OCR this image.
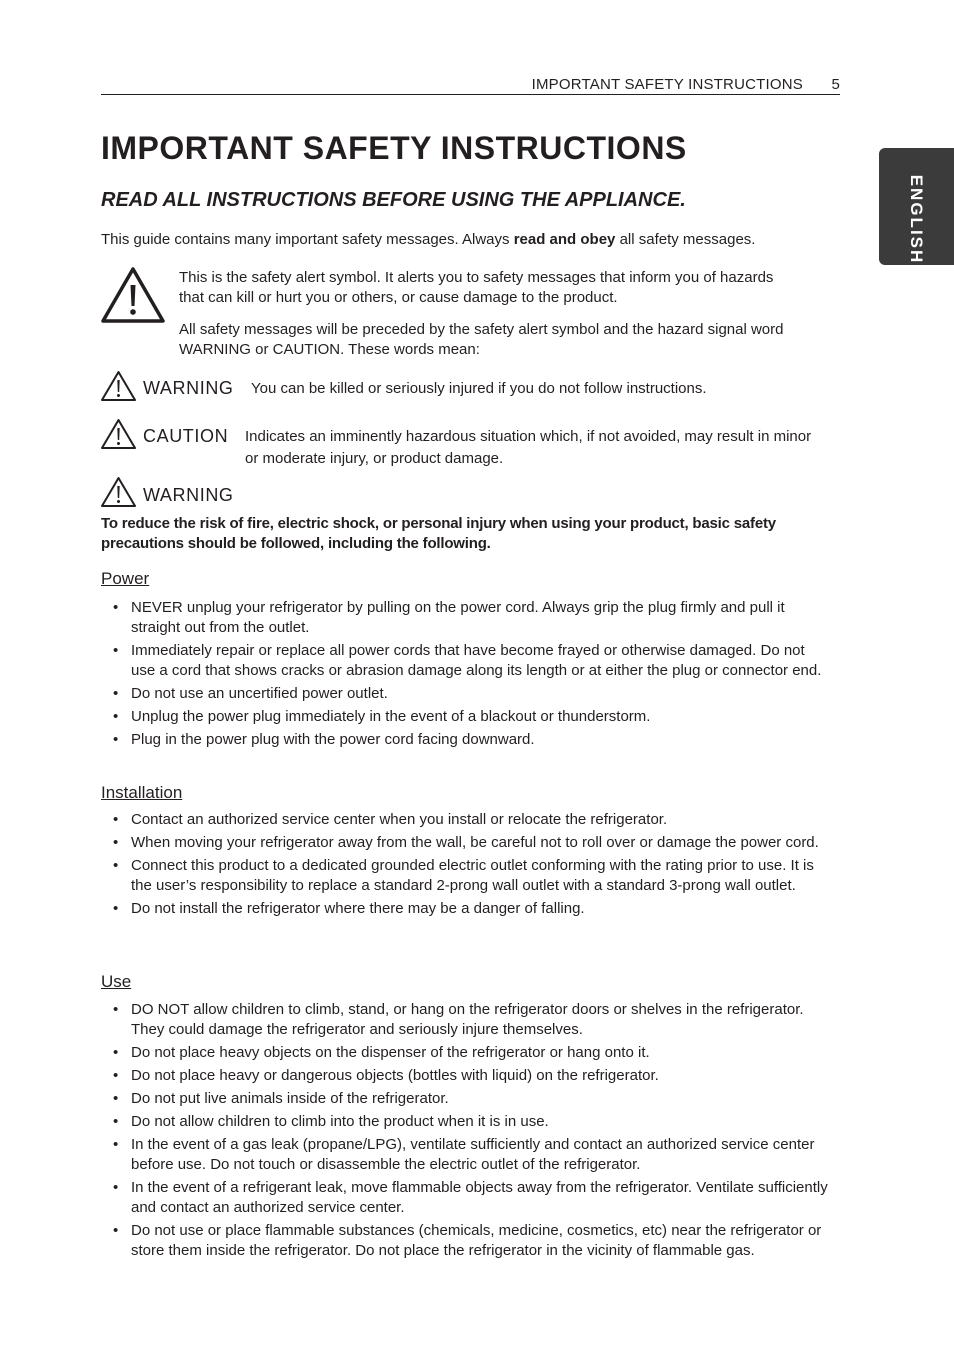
IMPORTANT SAFETY INSTRUCTIONS 5
ENGLISH
IMPORTANT SAFETY INSTRUCTIONS
READ ALL INSTRUCTIONS BEFORE USING THE APPLIANCE.
This guide contains many important safety messages. Always read and obey all safety messages.
This is the safety alert symbol. It alerts you to safety messages that inform you of hazards that can kill or hurt you or others, or cause damage to the product.
All safety messages will be preceded by the safety alert symbol and the hazard signal word WARNING or CAUTION. These words mean:
WARNING You can be killed or seriously injured if you do not follow instructions.
CAUTION Indicates an imminently hazardous situation which, if not avoided, may result in minor or moderate injury, or product damage.
WARNING
To reduce the risk of fire, electric shock, or personal injury when using your product, basic safety precautions should be followed, including the following.
Power
• NEVER unplug your refrigerator by pulling on the power cord. Always grip the plug firmly and pull it straight out from the outlet.
• Immediately repair or replace all power cords that have become frayed or otherwise damaged. Do not use a cord that shows cracks or abrasion damage along its length or at either the plug or connector end.
• Do not use an uncertified power outlet.
• Unplug the power plug immediately in the event of a blackout or thunderstorm.
• Plug in the power plug with the power cord facing downward.
Installation
• Contact an authorized service center when you install or relocate the refrigerator.
• When moving your refrigerator away from the wall, be careful not to roll over or damage the power cord.
• Connect this product to a dedicated grounded electric outlet conforming with the rating prior to use. It is the user’s responsibility to replace a standard 2-prong wall outlet with a standard 3-prong wall outlet.
• Do not install the refrigerator where there may be a danger of falling.
Use
• DO NOT allow children to climb, stand, or hang on the refrigerator doors or shelves in the refrigerator. They could damage the refrigerator and seriously injure themselves.
• Do not place heavy objects on the dispenser of the refrigerator or hang onto it.
• Do not place heavy or dangerous objects (bottles with liquid) on the refrigerator.
• Do not put live animals inside of the refrigerator.
• Do not allow children to climb into the product when it is in use.
• In the event of a gas leak (propane/LPG), ventilate sufficiently and contact an authorized service center before use. Do not touch or disassemble the electric outlet of the refrigerator.
• In the event of a refrigerant leak, move flammable objects away from the refrigerator. Ventilate sufficiently and contact an authorized service center.
• Do not use or place flammable substances (chemicals, medicine, cosmetics, etc) near the refrigerator or store them inside the refrigerator. Do not place the refrigerator in the vicinity of flammable gas.
